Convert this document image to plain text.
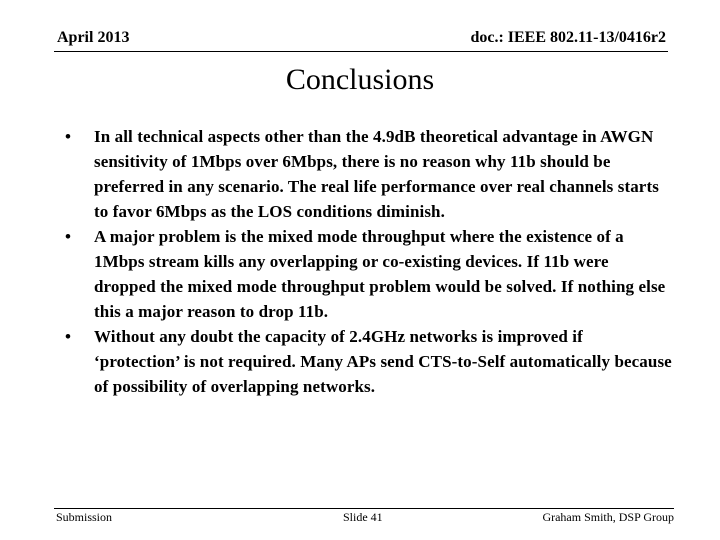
April 2013	doc.: IEEE 802.11-13/0416r2
Conclusions
• In all technical aspects other than the 4.9dB theoretical advantage in AWGN sensitivity of 1Mbps over 6Mbps, there is no reason why 11b should be preferred in any scenario. The real life performance over real channels starts to favor 6Mbps as the LOS conditions diminish.
• A major problem is the mixed mode throughput where the existence of a 1Mbps stream kills any overlapping or co-existing devices. If 11b were dropped the mixed mode throughput problem would be solved. If nothing else this a major reason to drop 11b.
• Without any doubt the capacity of 2.4GHz networks is improved if ‘protection’ is not required. Many APs send CTS-to-Self automatically because of possibility of overlapping networks.
Submission	Slide 41	Graham Smith, DSP Group
